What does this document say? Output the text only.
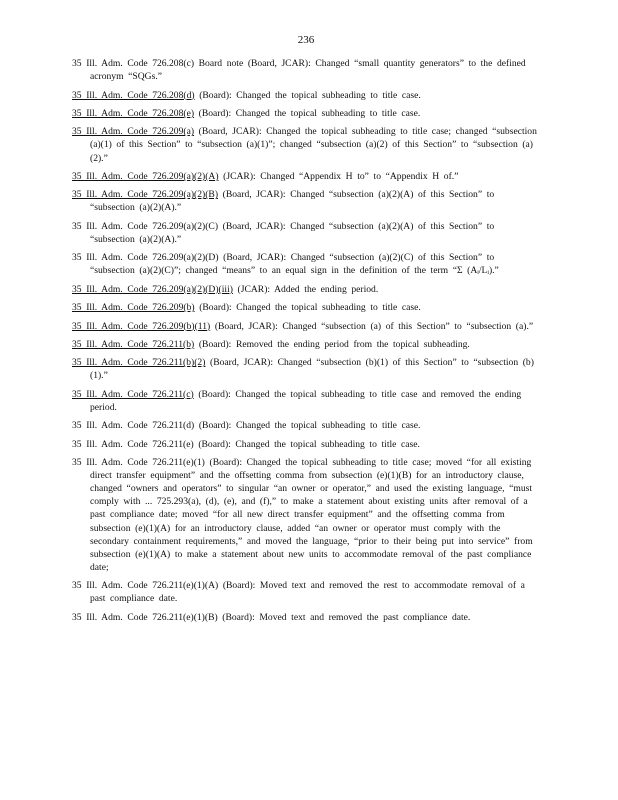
236

35 Ill. Adm. Code 726.208(c) Board note (Board, JCAR): Changed “small quantity generators” to the defined acronym “SQGs.”

35 Ill. Adm. Code 726.208(d) (Board): Changed the topical subheading to title case.

35 Ill. Adm. Code 726.208(e) (Board): Changed the topical subheading to title case.

35 Ill. Adm. Code 726.209(a) (Board, JCAR): Changed the topical subheading to title case; changed “subsection (a)(1) of this Section” to “subsection (a)(1)”; changed “subsection (a)(2) of this Section” to “subsection (a)(2).”

35 Ill. Adm. Code 726.209(a)(2)(A) (JCAR): Changed “Appendix H to” to “Appendix H of.”

35 Ill. Adm. Code 726.209(a)(2)(B) (Board, JCAR): Changed “subsection (a)(2)(A) of this Section” to “subsection (a)(2)(A).”

35 Ill. Adm. Code 726.209(a)(2)(C) (Board, JCAR): Changed “subsection (a)(2)(A) of this Section” to “subsection (a)(2)(A).”

35 Ill. Adm. Code 726.209(a)(2)(D) (Board, JCAR): Changed “subsection (a)(2)(C) of this Section” to “subsection (a)(2)(C)”; changed “means” to an equal sign in the definition of the term “Σ (Aᵢ/Lᵢ).”

35 Ill. Adm. Code 726.209(a)(2)(D)(iii) (JCAR): Added the ending period.

35 Ill. Adm. Code 726.209(b) (Board): Changed the topical subheading to title case.

35 Ill. Adm. Code 726.209(b)(11) (Board, JCAR): Changed “subsection (a) of this Section” to “subsection (a).”

35 Ill. Adm. Code 726.211(b) (Board): Removed the ending period from the topical subheading.

35 Ill. Adm. Code 726.211(b)(2) (Board, JCAR): Changed “subsection (b)(1) of this Section” to “subsection (b)(1).”

35 Ill. Adm. Code 726.211(c) (Board): Changed the topical subheading to title case and removed the ending period.

35 Ill. Adm. Code 726.211(d) (Board): Changed the topical subheading to title case.

35 Ill. Adm. Code 726.211(e) (Board): Changed the topical subheading to title case.

35 Ill. Adm. Code 726.211(e)(1) (Board): Changed the topical subheading to title case; moved “for all existing direct transfer equipment” and the offsetting comma from subsection (e)(1)(B) for an introductory clause, changed “owners and operators” to singular “an owner or operator,” and used the existing language, “must comply with ... 725.293(a), (d), (e), and (f),” to make a statement about existing units after removal of a past compliance date; moved “for all new direct transfer equipment” and the offsetting comma from subsection (e)(1)(A) for an introductory clause, added “an owner or operator must comply with the secondary containment requirements,” and moved the language, “prior to their being put into service” from subsection (e)(1)(A) to make a statement about new units to accommodate removal of the past compliance date;

35 Ill. Adm. Code 726.211(e)(1)(A) (Board): Moved text and removed the rest to accommodate removal of a past compliance date.

35 Ill. Adm. Code 726.211(e)(1)(B) (Board): Moved text and removed the past compliance date.
